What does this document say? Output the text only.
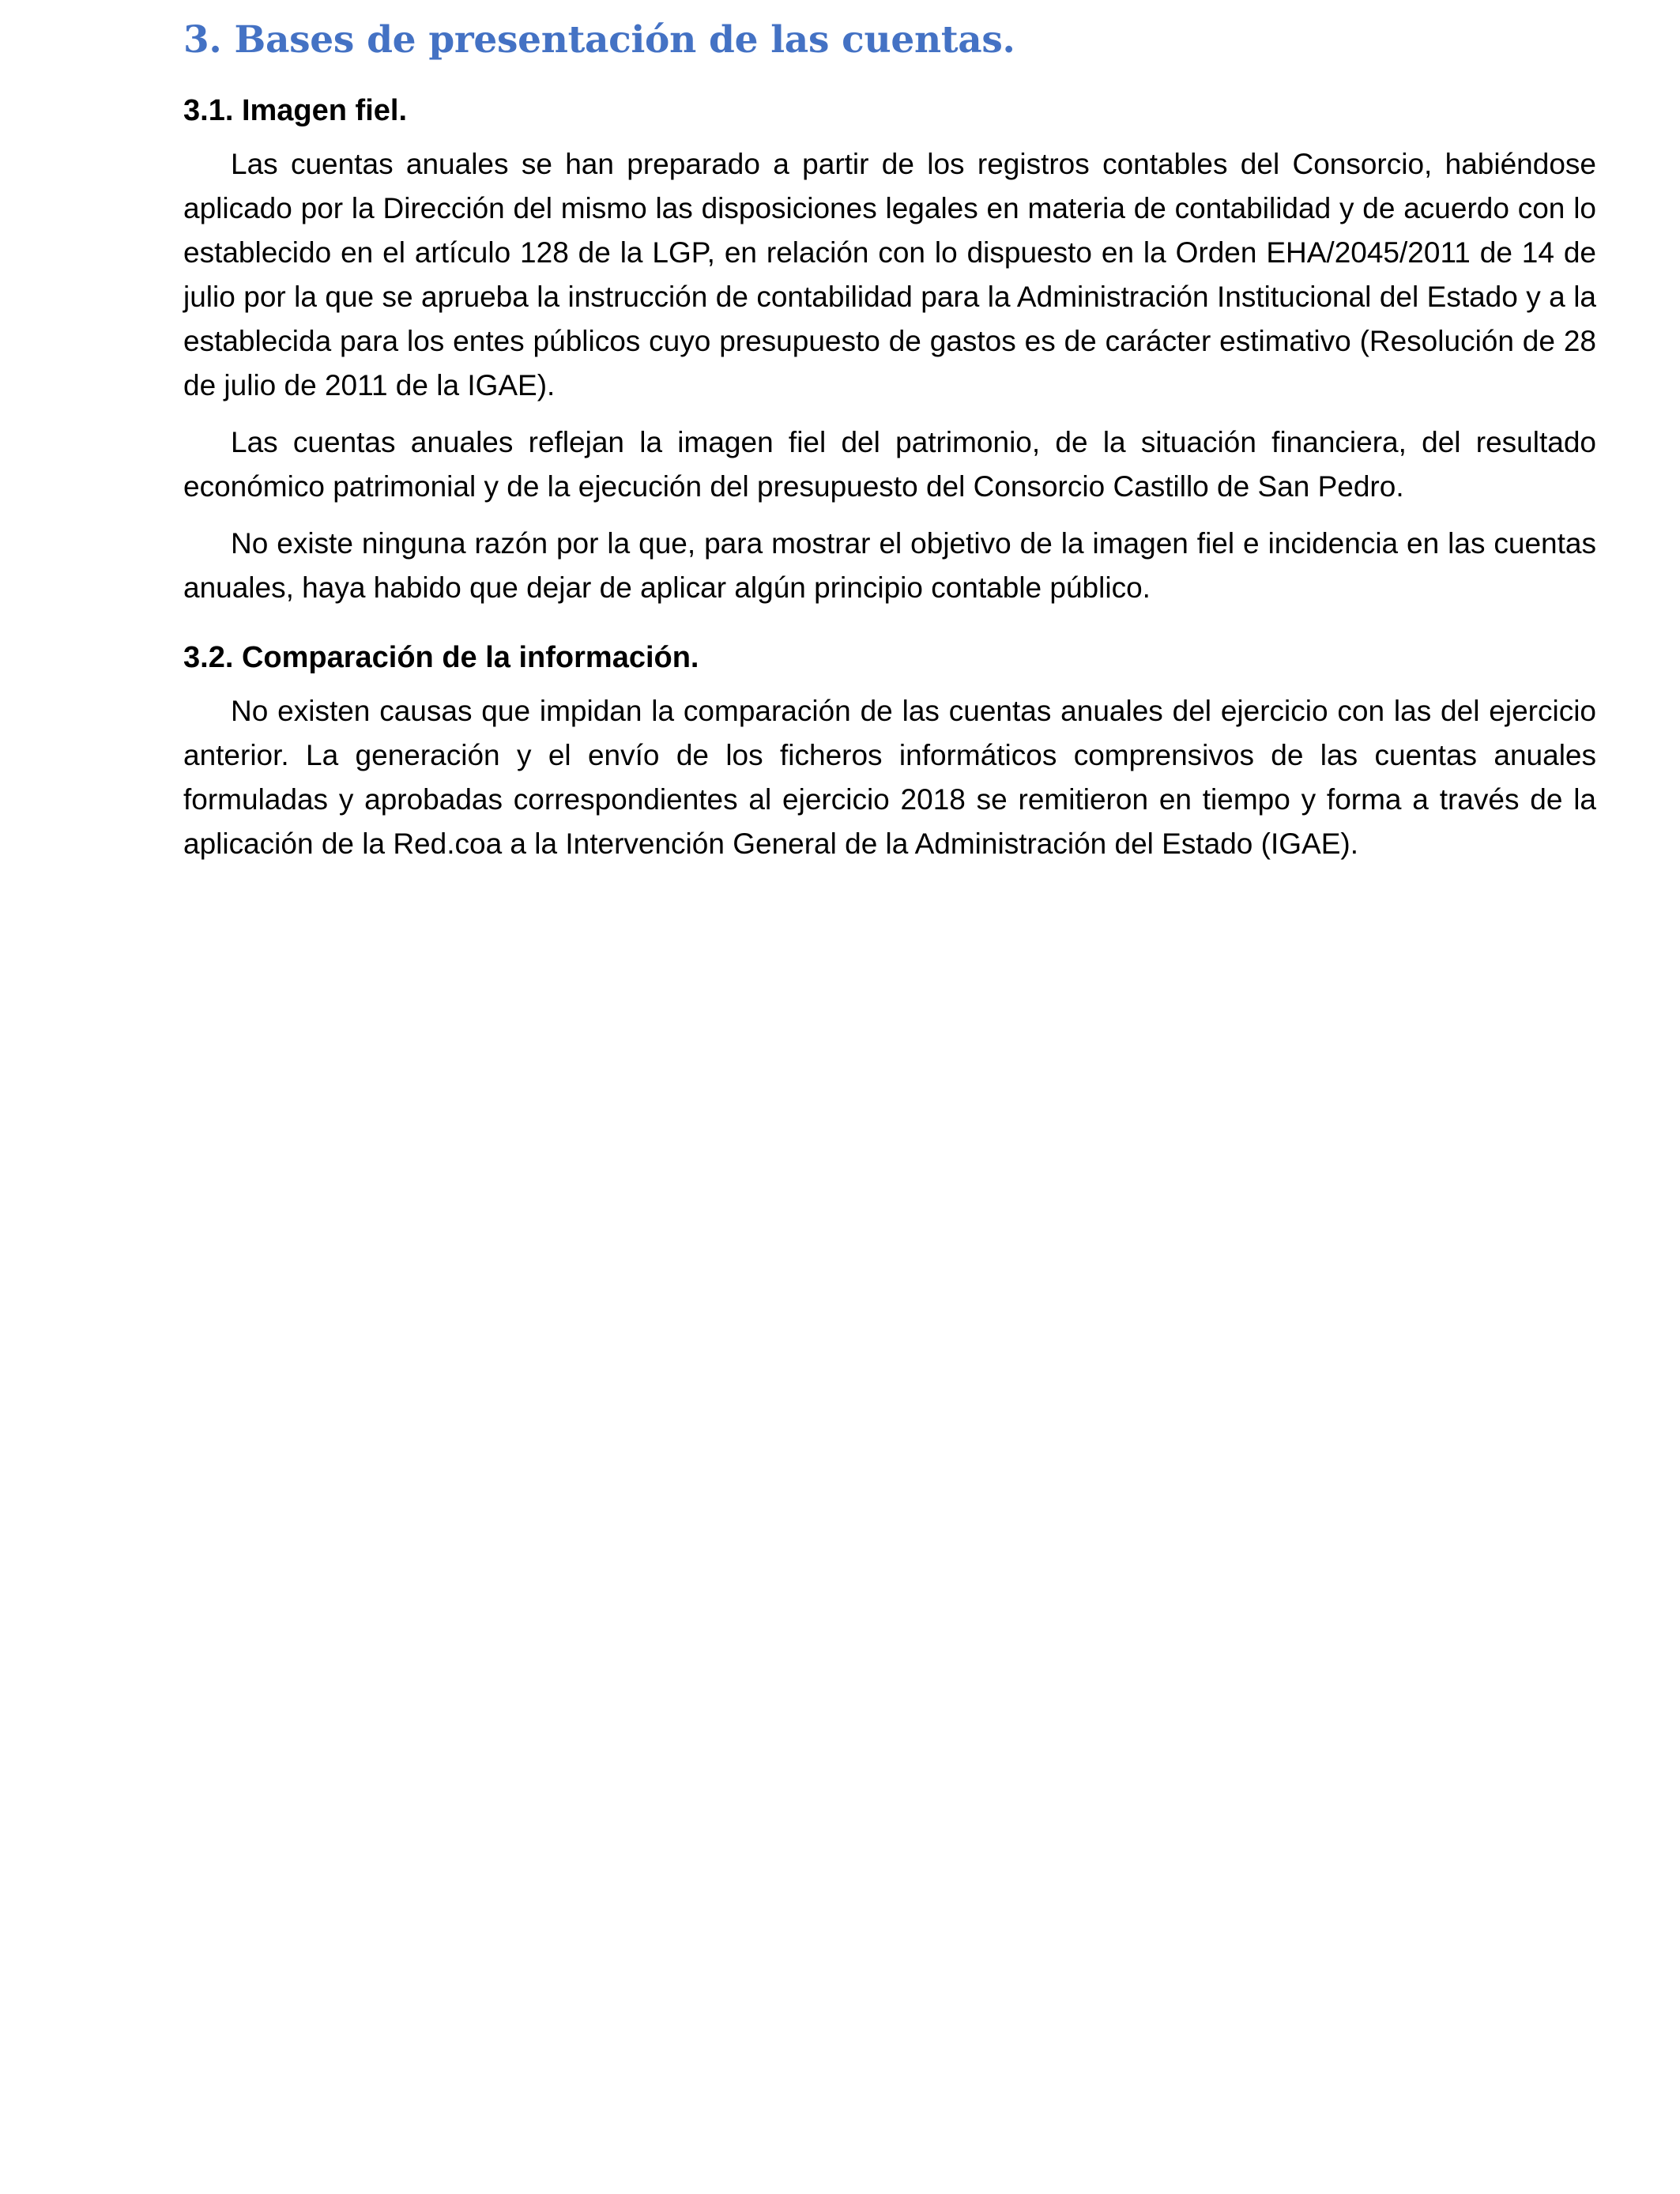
3. Bases de presentación de las cuentas.
3.1. Imagen fiel.

Las cuentas anuales se han preparado a partir de los registros contables del Consorcio, habiéndose aplicado por la Dirección del mismo las disposiciones legales en materia de contabilidad y de acuerdo con lo establecido en el artículo 128 de la LGP, en relación con lo dispuesto en la Orden EHA/2045/2011 de 14 de julio por la que se aprueba la instrucción de contabilidad para la Administración Institucional del Estado y a la establecida para los entes públicos cuyo presupuesto de gastos es de carácter estimativo (Resolución de 28 de julio de 2011 de la IGAE).

Las cuentas anuales reflejan la imagen fiel del patrimonio, de la situación financiera, del resultado económico patrimonial y de la ejecución del presupuesto del Consorcio Castillo de San Pedro.

No existe ninguna razón por la que, para mostrar el objetivo de la imagen fiel e incidencia en las cuentas anuales, haya habido que dejar de aplicar algún principio contable público.

3.2. Comparación de la información.

No existen causas que impidan la comparación de las cuentas anuales del ejercicio con las del ejercicio anterior. La generación y el envío de los ficheros informáticos comprensivos de las cuentas anuales formuladas y aprobadas correspondientes al ejercicio 2018 se remitieron en tiempo y forma a través de la aplicación de la Red.coa a la Intervención General de la Administración del Estado (IGAE).
